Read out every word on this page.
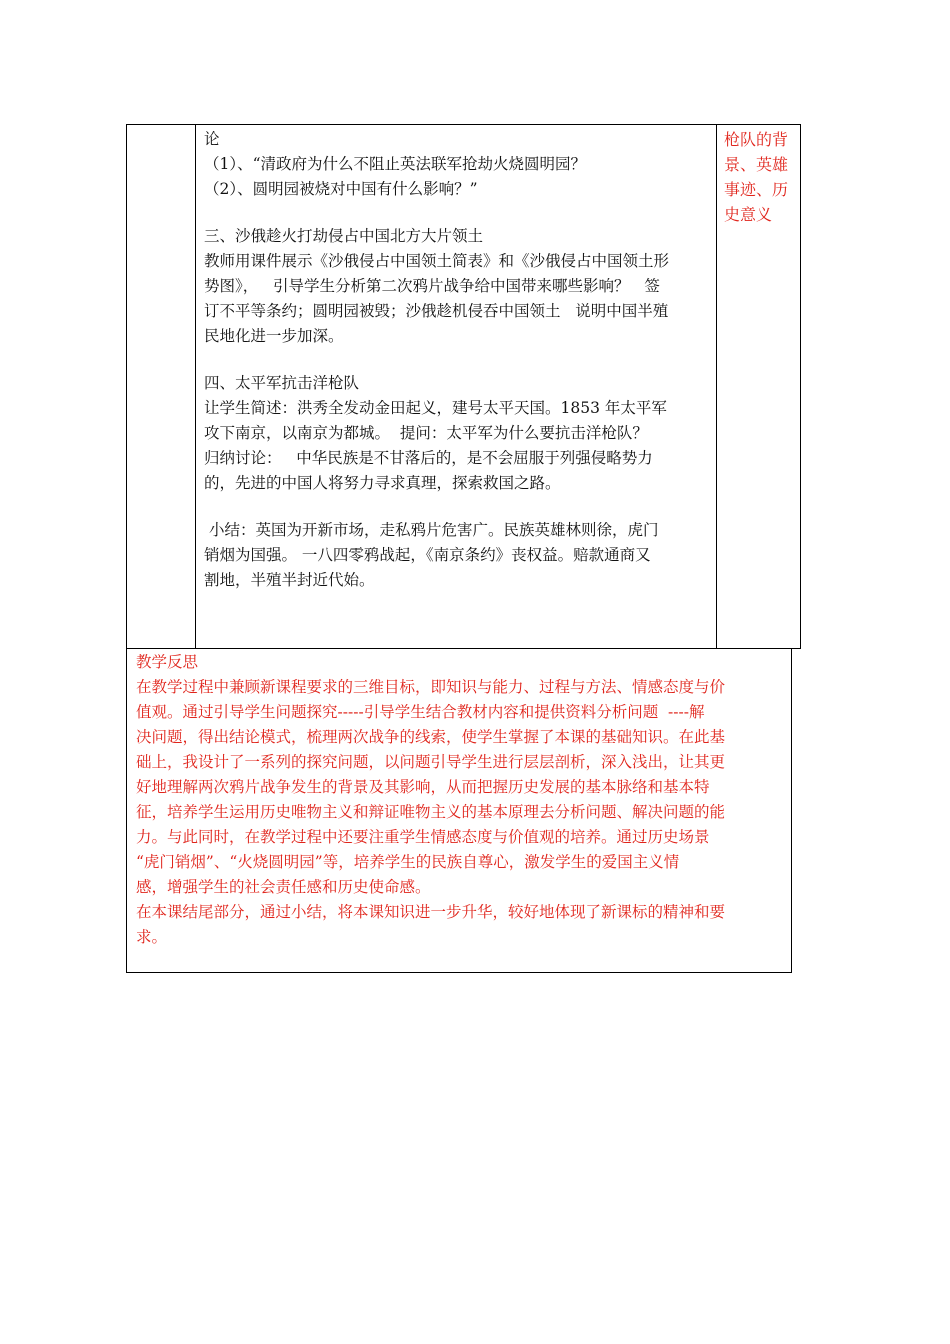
论

（1）、“清政府为什么不阻止英法联军抢劫火烧圆明园？

（2）、圆明园被烧对中国有什么影响？”

三、沙俄趁火打劫侵占中国北方大片领土

教师用课件展示《沙俄侵占中国领土简表》和《沙俄侵占中国领土形

势图》，   引导学生分析第二次鸦片战争给中国带来哪些影响？   签

订不平等条约；圆明园被毁；沙俄趁机侵吞中国领土   说明中国半殖

民地化进一步加深。

四、太平军抗击洋枪队

让学生简述：洪秀全发动金田起义，建号太平天国。1853 年太平军

攻下南京，以南京为都城。  提问：太平军为什么要抗击洋枪队？

归纳讨论：   中华民族是不甘落后的，是不会屈服于列强侵略势力

的，先进的中国人将努力寻求真理，探索救国之路。

小结：英国为开新市场，走私鸦片危害广。民族英雄林则徐，虎门

销烟为国强。 一八四零鸦战起，《南京条约》丧权益。赔款通商又

割地，半殖半封近代始。

枪队的背

景、英雄

事迹、历

史意义

教学反思

在教学过程中兼顾新课程要求的三维目标，即知识与能力、过程与方法、情感态度与价

值观。通过引导学生问题探究-----引导学生结合教材内容和提供资料分析问题  ----解

决问题，得出结论模式，梳理两次战争的线索，使学生掌握了本课的基础知识。在此基

础上，我设计了一系列的探究问题，以问题引导学生进行层层剖析，深入浅出，让其更

好地理解两次鸦片战争发生的背景及其影响，从而把握历史发展的基本脉络和基本特

征，培养学生运用历史唯物主义和辩证唯物主义的基本原理去分析问题、解决问题的能

力。与此同时，在教学过程中还要注重学生情感态度与价值观的培养。通过历史场景

“虎门销烟”、“火烧圆明园”等，培养学生的民族自尊心，激发学生的爱国主义情

感，增强学生的社会责任感和历史使命感。

在本课结尾部分，通过小结，将本课知识进一步升华，较好地体现了新课标的精神和要

求。
